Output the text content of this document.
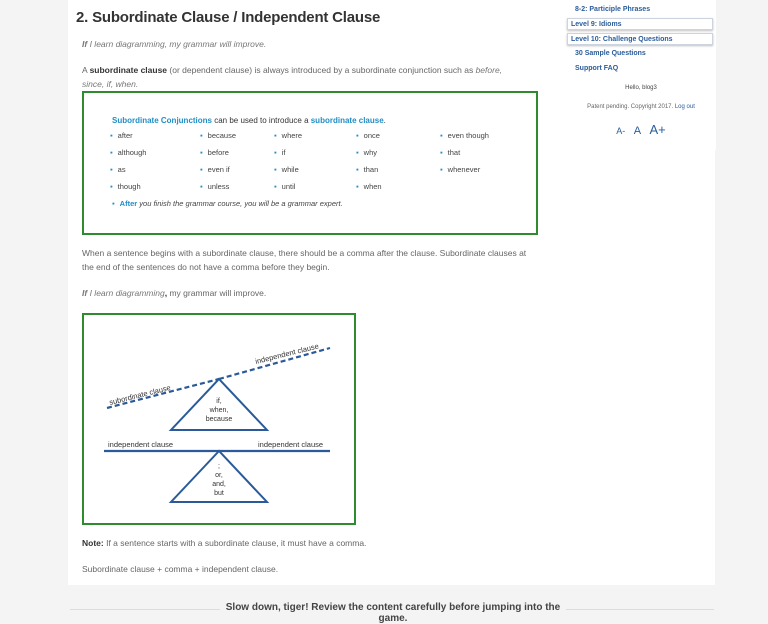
2. Subordinate Clause / Independent Clause

If I learn diagramming, my grammar will improve.

A subordinate clause (or dependent clause) is always introduced by a subordinate conjunction such as before,
since, if, when.

Subordinate Conjunctions can be used to introduce a subordinate clause.
▪ after
▪ although
▪ as
▪ though
▪ because
▪ before
▪ even if
▪ unless
▪ where
▪ if
▪ while
▪ until
▪ once
▪ why
▪ than
▪ when
▪ even though
▪ that
▪ whenever
▪ After you finish the grammar course, you will be a grammar expert.

When a sentence begins with a subordinate clause, there should be a comma after the clause. Subordinate clauses at the end of the sentences do not have a comma before they begin.

If I learn diagramming, my grammar will improve.

subordinate clause
independent clause
if,
when,
because
independent clause	independent clause
;
or,
and,
but

Note: If a sentence starts with a subordinate clause, it must have a comma.

Subordinate clause + comma + independent clause.

8-2: Participle Phrases
Level 9: Idioms
Level 10: Challenge Questions
30 Sample Questions
Support FAQ
Hello, blog3
Patent pending. Copyright 2017. Log out
A- A A+
Slow down, tiger! Review the content carefully before jumping into the game.
